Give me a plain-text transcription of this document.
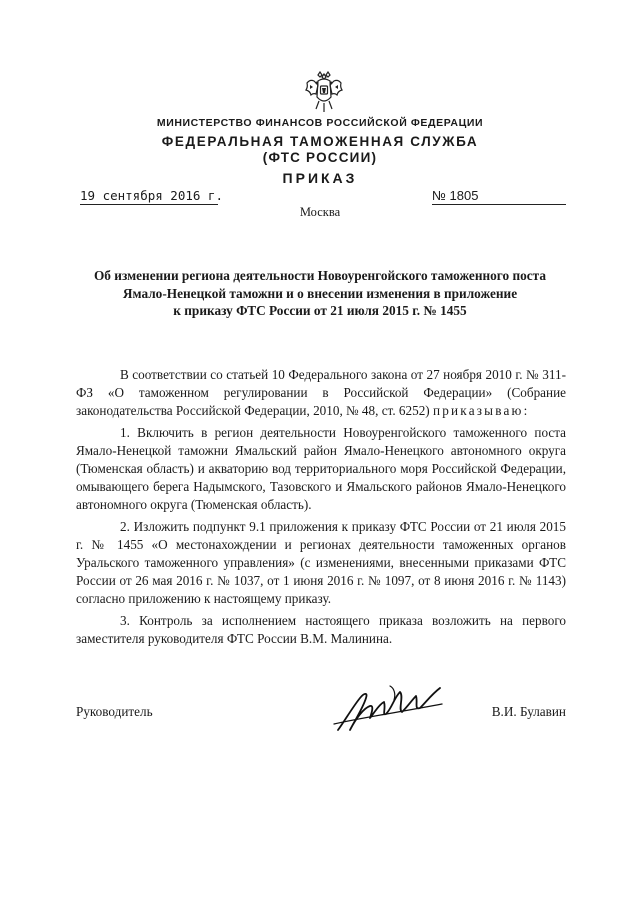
МИНИСТЕРСТВО ФИНАНСОВ РОССИЙСКОЙ ФЕДЕРАЦИИ
ФЕДЕРАЛЬНАЯ ТАМОЖЕННАЯ СЛУЖБА
(ФТС РОССИИ)
ПРИКАЗ
19 сентября 2016 г.	№ 1805
Москва
Об изменении региона деятельности Новоуренгойского таможенного поста
Ямало-Ненецкой таможни и о внесении изменения в приложение
к приказу ФТС России от 21 июля 2015 г. № 1455

В соответствии со статьей 10 Федерального закона от 27 ноября 2010 г. № 311-ФЗ «О таможенном регулировании в Российской Федерации» (Собрание законодательства Российской Федерации, 2010, № 48, ст. 6252) приказываю:

1. Включить в регион деятельности Новоуренгойского таможенного поста Ямало-Ненецкой таможни Ямальский район Ямало-Ненецкого автономного округа (Тюменская область) и акваторию вод территориального моря Российской Федерации, омывающего берега Надымского, Тазовского и Ямальского районов Ямало-Ненецкого автономного округа (Тюменская область).

2. Изложить подпункт 9.1 приложения к приказу ФТС России от 21 июля 2015 г. № 1455 «О местонахождении и регионах деятельности таможенных органов Уральского таможенного управления» (с изменениями, внесенными приказами ФТС России от 26 мая 2016 г. № 1037, от 1 июня 2016 г. № 1097, от 8 июня 2016 г. № 1143) согласно приложению к настоящему приказу.

3. Контроль за исполнением настоящего приказа возложить на первого заместителя руководителя ФТС России В.М. Малинина.

Руководитель	В.И. Булавин
